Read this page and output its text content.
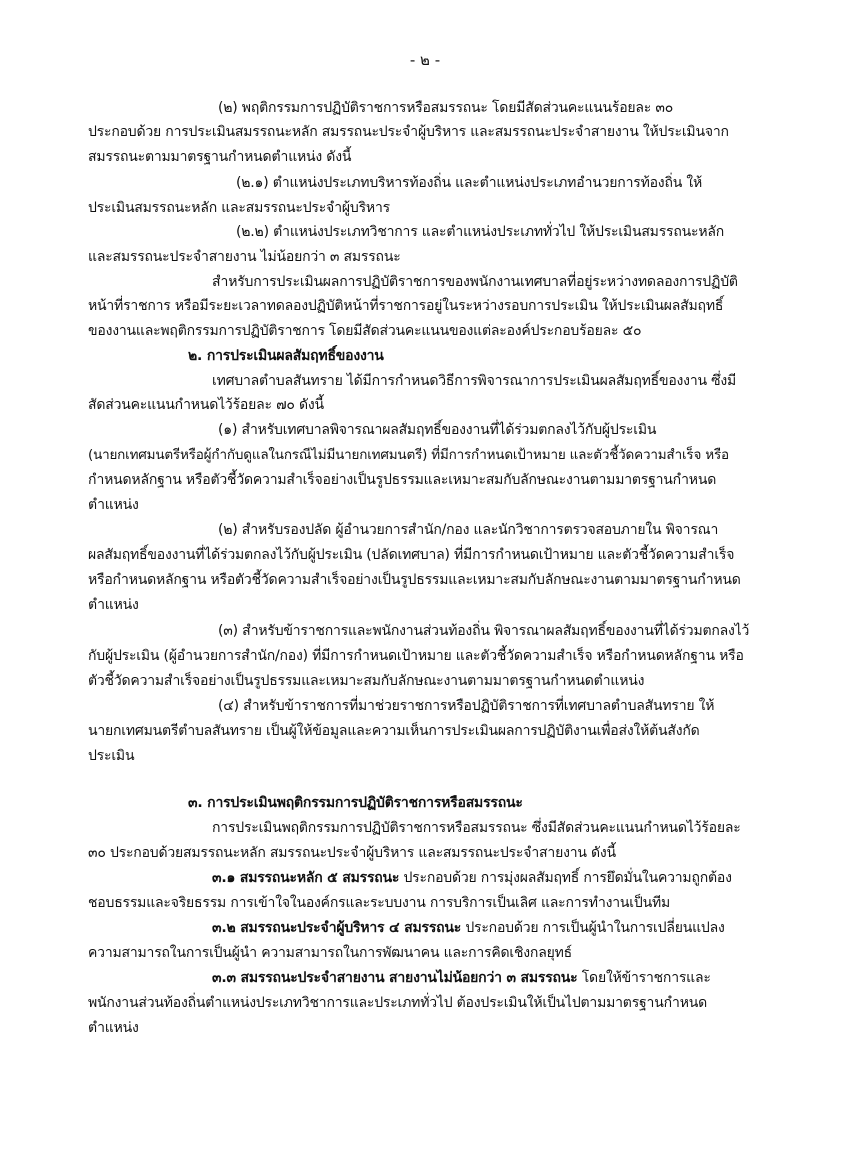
- ๒ -
(๒) พฤติกรรมการปฏิบัติราชการหรือสมรรถนะ โดยมีสัดส่วนคะแนนร้อยละ ๓๐
ประกอบด้วย การประเมินสมรรถนะหลัก สมรรถนะประจำผู้บริหาร และสมรรถนะประจำสายงาน ให้ประเมินจาก
สมรรถนะตามมาตรฐานกำหนดตำแหน่ง ดังนี้
(๒.๑) ตำแหน่งประเภทบริหารท้องถิ่น และตำแหน่งประเภทอำนวยการท้องถิ่น ให้
ประเมินสมรรถนะหลัก และสมรรถนะประจำผู้บริหาร
(๒.๒) ตำแหน่งประเภทวิชาการ และตำแหน่งประเภททั่วไป ให้ประเมินสมรรถนะหลัก
และสมรรถนะประจำสายงาน ไม่น้อยกว่า ๓ สมรรถนะ
สำหรับการประเมินผลการปฏิบัติราชการของพนักงานเทศบาลที่อยู่ระหว่างทดลองการปฏิบัติ
หน้าที่ราชการ หรือมีระยะเวลาทดลองปฏิบัติหน้าที่ราชการอยู่ในระหว่างรอบการประเมิน ให้ประเมินผลสัมฤทธิ์
ของงานและพฤติกรรมการปฏิบัติราชการ โดยมีสัดส่วนคะแนนของแต่ละองค์ประกอบร้อยละ ๕๐
๒. การประเมินผลสัมฤทธิ์ของงาน
เทศบาลตำบลสันทราย ได้มีการกำหนดวิธีการพิจารณาการประเมินผลสัมฤทธิ์ของงาน ซึ่งมี
สัดส่วนคะแนนกำหนดไว้ร้อยละ ๗๐ ดังนี้
(๑) สำหรับเทศบาลพิจารณาผลสัมฤทธิ์ของงานที่ได้ร่วมตกลงไว้กับผู้ประเมิน
(นายกเทศมนตรีหรือผู้กำกับดูแลในกรณีไม่มีนายกเทศมนตรี) ที่มีการกำหนดเป้าหมาย และตัวชี้วัดความสำเร็จ หรือ
กำหนดหลักฐาน หรือตัวชี้วัดความสำเร็จอย่างเป็นรูปธรรมและเหมาะสมกับลักษณะงานตามมาตรฐานกำหนด
ตำแหน่ง
(๒) สำหรับรองปลัด ผู้อำนวยการสำนัก/กอง และนักวิชาการตรวจสอบภายใน พิจารณา
ผลสัมฤทธิ์ของงานที่ได้ร่วมตกลงไว้กับผู้ประเมิน (ปลัดเทศบาล) ที่มีการกำหนดเป้าหมาย และตัวชี้วัดความสำเร็จ
หรือกำหนดหลักฐาน หรือตัวชี้วัดความสำเร็จอย่างเป็นรูปธรรมและเหมาะสมกับลักษณะงานตามมาตรฐานกำหนด
ตำแหน่ง
(๓) สำหรับข้าราชการและพนักงานส่วนท้องถิ่น พิจารณาผลสัมฤทธิ์ของงานที่ได้ร่วมตกลงไว้
กับผู้ประเมิน (ผู้อำนวยการสำนัก/กอง) ที่มีการกำหนดเป้าหมาย และตัวชี้วัดความสำเร็จ หรือกำหนดหลักฐาน หรือ
ตัวชี้วัดความสำเร็จอย่างเป็นรูปธรรมและเหมาะสมกับลักษณะงานตามมาตรฐานกำหนดตำแหน่ง
(๔) สำหรับข้าราชการที่มาช่วยราชการหรือปฏิบัติราชการที่เทศบาลตำบลสันทราย ให้
นายกเทศมนตรีตำบลสันทราย เป็นผู้ให้ข้อมูลและความเห็นการประเมินผลการปฏิบัติงานเพื่อส่งให้ต้นสังกัด
ประเมิน
๓. การประเมินพฤติกรรมการปฏิบัติราชการหรือสมรรถนะ
การประเมินพฤติกรรมการปฏิบัติราชการหรือสมรรถนะ ซึ่งมีสัดส่วนคะแนนกำหนดไว้ร้อยละ
๓๐ ประกอบด้วยสมรรถนะหลัก สมรรถนะประจำผู้บริหาร และสมรรถนะประจำสายงาน ดังนี้
๓.๑ สมรรถนะหลัก ๕ สมรรถนะ ประกอบด้วย การมุ่งผลสัมฤทธิ์ การยึดมั่นในความถูกต้อง
ชอบธรรมและจริยธรรม การเข้าใจในองค์กรและระบบงาน การบริการเป็นเลิศ และการทำงานเป็นทีม
๓.๒ สมรรถนะประจำผู้บริหาร ๔ สมรรถนะ ประกอบด้วย การเป็นผู้นำในการเปลี่ยนแปลง
ความสามารถในการเป็นผู้นำ ความสามารถในการพัฒนาคน และการคิดเชิงกลยุทธ์
๓.๓ สมรรถนะประจำสายงาน สายงานไม่น้อยกว่า ๓ สมรรถนะ โดยให้ข้าราชการและ
พนักงานส่วนท้องถิ่นตำแหน่งประเภทวิชาการและประเภททั่วไป ต้องประเมินให้เป็นไปตามมาตรฐานกำหนด
ตำแหน่ง
